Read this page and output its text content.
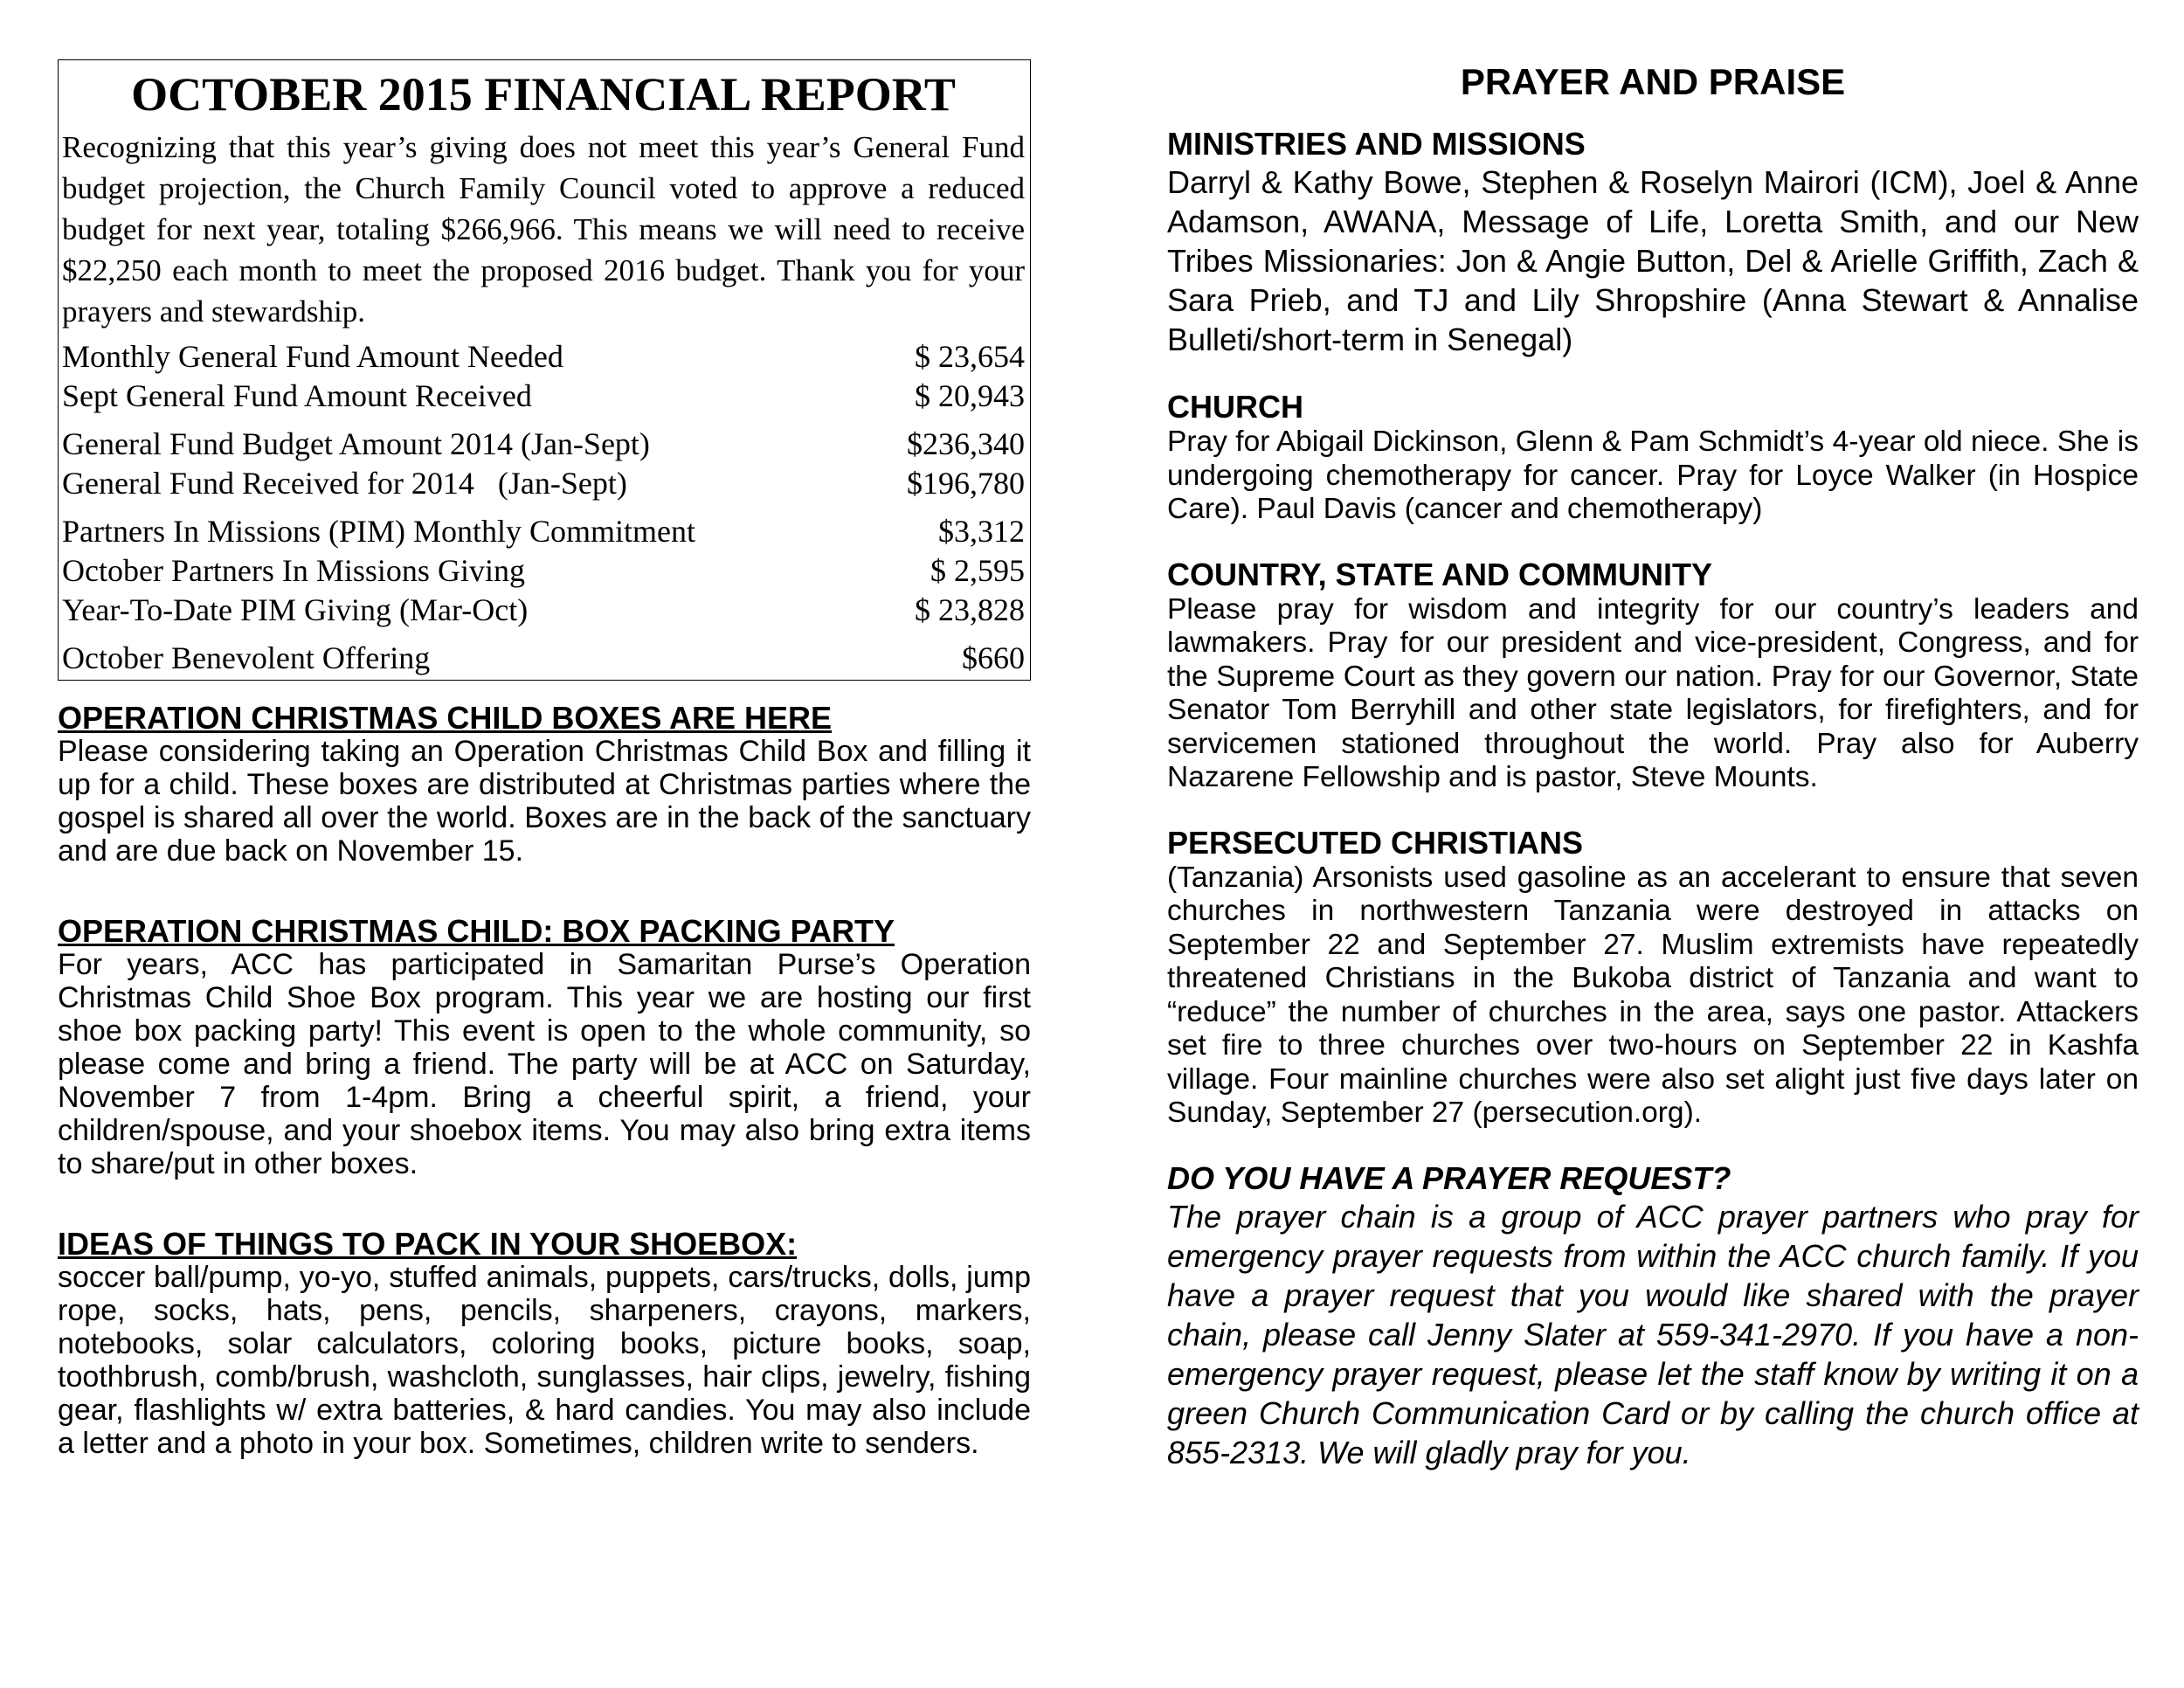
OCTOBER 2015 FINANCIAL REPORT
Recognizing that this year’s giving does not meet this year’s General Fund budget projection, the Church Family Council voted to approve a reduced budget for next year, totaling $266,966. This means we will need to receive $22,250 each month to meet the proposed 2016 budget. Thank you for your prayers and stewardship.
Monthly General Fund Amount Needed	$ 23,654
Sept General Fund Amount Received	$ 20,943
General Fund Budget Amount 2014 (Jan-Sept)	$236,340
General Fund Received for 2014   (Jan-Sept)	$196,780
Partners In Missions (PIM) Monthly Commitment	$3,312
October Partners In Missions Giving	$ 2,595
Year-To-Date PIM Giving (Mar-Oct)	$ 23,828
October Benevolent Offering	$660
OPERATION CHRISTMAS CHILD BOXES ARE HERE

Please considering taking an Operation Christmas Child Box and filling it up for a child. These boxes are distributed at Christmas parties where the gospel is shared all over the world. Boxes are in the back of the sanctuary and are due back on November 15.

OPERATION CHRISTMAS CHILD: BOX PACKING PARTY

For years, ACC has participated in Samaritan Purse’s Operation Christmas Child Shoe Box program. This year we are hosting our first shoe box packing party! This event is open to the whole community, so please come and bring a friend. The party will be at ACC on Saturday, November 7 from 1-4pm. Bring a cheerful spirit, a friend, your children/spouse, and your shoebox items. You may also bring extra items to share/put in other boxes.

IDEAS OF THINGS TO PACK IN YOUR SHOEBOX:

soccer ball/pump, yo-yo, stuffed animals, puppets, cars/trucks, dolls, jump rope, socks, hats, pens, pencils, sharpeners, crayons, markers, notebooks, solar calculators, coloring books, picture books, soap, toothbrush, comb/brush, washcloth, sunglasses, hair clips, jewelry, fishing gear, flashlights w/ extra batteries, & hard candies. You may also include a letter and a photo in your box. Sometimes, children write to senders.

PRAYER AND PRAISE
MINISTRIES AND MISSIONS

Darryl & Kathy Bowe, Stephen & Roselyn Mairori (ICM), Joel & Anne Adamson, AWANA, Message of Life, Loretta Smith, and our New Tribes Missionaries: Jon & Angie Button, Del & Arielle Griffith, Zach & Sara Prieb, and TJ and Lily Shropshire (Anna Stewart & Annalise Bulleti/short-term in Senegal)

CHURCH

Pray for Abigail Dickinson, Glenn & Pam Schmidt’s 4-year old niece. She is undergoing chemotherapy for cancer. Pray for Loyce Walker (in Hospice Care). Paul Davis (cancer and chemotherapy)

COUNTRY, STATE AND COMMUNITY

Please pray for wisdom and integrity for our country’s leaders and lawmakers. Pray for our president and vice-president, Congress, and for the Supreme Court as they govern our nation. Pray for our Governor, State Senator Tom Berryhill and other state legislators, for firefighters, and for servicemen stationed throughout the world. Pray also for Auberry Nazarene Fellowship and is pastor, Steve Mounts.

PERSECUTED CHRISTIANS

(Tanzania) Arsonists used gasoline as an accelerant to ensure that seven churches in northwestern Tanzania were destroyed in attacks on September 22 and September 27. Muslim extremists have repeatedly threatened Christians in the Bukoba district of Tanzania and want to “reduce” the number of churches in the area, says one pastor. Attackers set fire to three churches over two-hours on September 22 in Kashfa village. Four mainline churches were also set alight just five days later on Sunday, September 27 (persecution.org).

DO YOU HAVE A PRAYER REQUEST?

The prayer chain is a group of ACC prayer partners who pray for emergency prayer requests from within the ACC church family. If you have a prayer request that you would like shared with the prayer chain, please call Jenny Slater at 559-341-2970. If you have a non-emergency prayer request, please let the staff know by writing it on a green Church Communication Card or by calling the church office at 855-2313. We will gladly pray for you.
